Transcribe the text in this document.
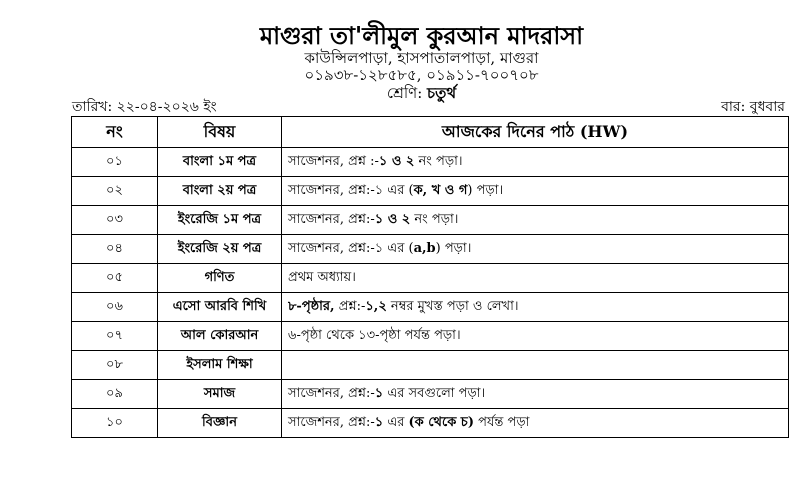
মাগুরা তা'লীমুল কুরআন মাদরাসা
কাউন্সিলপাড়া, হাসপাতালপাড়া, মাগুরা
০১৯৩৮-১২৮৫৮৫, ০১৯১১-৭০০৭০৮
শ্রেণি: চতুর্থ
তারিখ: ২২-০৪-২০২৬ ইং	বার: বুধবার
নং	বিষয়	আজকের দিনের পাঠ (HW)
০১	বাংলা ১ম পত্র	সাজেশনর, প্রশ্ন :-১ ও ২ নং পড়া।
০২	বাংলা ২য় পত্র	সাজেশনর, প্রশ্ন:-১ এর (ক, খ ও গ) পড়া।
০৩	ইংরেজি ১ম পত্র	সাজেশনর, প্রশ্ন:-১ ও ২ নং পড়া।
০৪	ইংরেজি ২য় পত্র	সাজেশনর, প্রশ্ন:-১ এর (a,b) পড়া।
০৫	গণিত	প্রথম অধ্যায়।
০৬	এসো আরবি শিখি	৮-পৃষ্ঠার, প্রশ্ন:-১,২ নম্বর মুখস্ত পড়া ও লেখা।
০৭	আল কোরআন	৬-পৃষ্ঠা থেকে ১৩-পৃষ্ঠা পর্যন্ত পড়া।
০৮	ইসলাম শিক্ষা	
০৯	সমাজ	সাজেশনর, প্রশ্ন:-১ এর সবগুলো পড়া।
১০	বিজ্ঞান	সাজেশনর, প্রশ্ন:-১ এর (ক থেকে চ) পর্যন্ত পড়া
